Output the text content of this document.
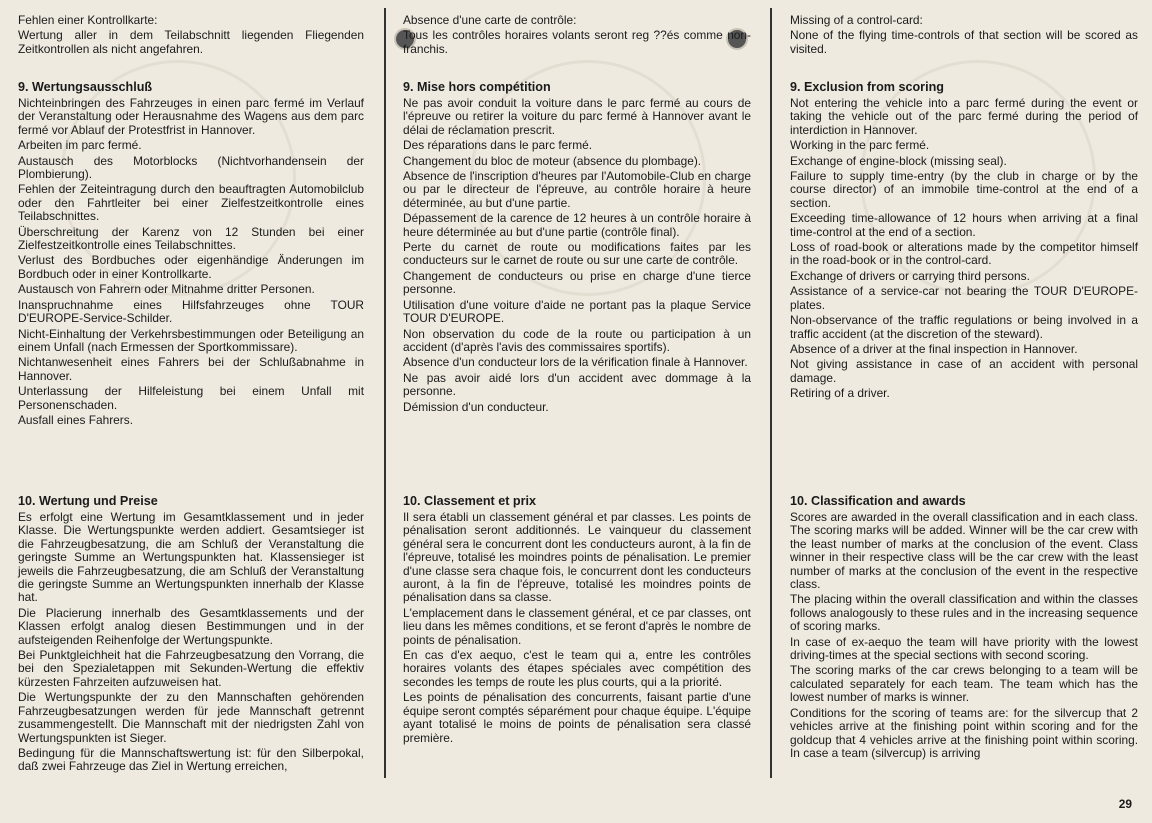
Fehlen einer Kontrollkarte:

Wertung aller in dem Teilabschnitt liegenden Fliegenden Zeitkontrollen als nicht angefahren.

9. Wertungsausschluß

Nichteinbringen des Fahrzeuges in einen parc fermé im Verlauf der Veranstaltung oder Herausnahme des Wagens aus dem parc fermé vor Ablauf der Protestfrist in Hannover.

Arbeiten im parc fermé.

Austausch des Motorblocks (Nichtvorhandensein der Plombierung).

Fehlen der Zeiteintragung durch den beauftragten Automobilclub oder den Fahrtleiter bei einer Zielfestzeitkontrolle eines Teilabschnittes.

Überschreitung der Karenz von 12 Stunden bei einer Zielfestzeitkontrolle eines Teilabschnittes.

Verlust des Bordbuches oder eigenhändige Änderungen im Bordbuch oder in einer Kontrollkarte.

Austausch von Fahrern oder Mitnahme dritter Personen.

Inanspruchnahme eines Hilfsfahrzeuges ohne TOUR D'EUROPE-Service-Schilder.

Nicht-Einhaltung der Verkehrsbestimmungen oder Beteiligung an einem Unfall (nach Ermessen der Sportkommissare).

Nichtanwesenheit eines Fahrers bei der Schlußabnahme in Hannover.

Unterlassung der Hilfeleistung bei einem Unfall mit Personenschaden.

Ausfall eines Fahrers.

10. Wertung und Preise

Es erfolgt eine Wertung im Gesamtklassement und in jeder Klasse. Die Wertungspunkte werden addiert. Gesamtsieger ist die Fahrzeugbesatzung, die am Schluß der Veranstaltung die geringste Summe an Wertungspunkten hat. Klassensieger ist jeweils die Fahrzeugbesatzung, die am Schluß der Veranstaltung die geringste Summe an Wertungspunkten innerhalb der Klasse hat.

Die Placierung innerhalb des Gesamtklassements und der Klassen erfolgt analog diesen Bestimmungen und in der aufsteigenden Reihenfolge der Wertungspunkte.

Bei Punktgleichheit hat die Fahrzeugbesatzung den Vorrang, die bei den Spezialetappen mit Sekunden-Wertung die effektiv kürzesten Fahrzeiten aufzuweisen hat.

Die Wertungspunkte der zu den Mannschaften gehörenden Fahrzeugbesatzungen werden für jede Mannschaft getrennt zusammengestellt. Die Mannschaft mit der niedrigsten Zahl von Wertungspunkten ist Sieger.

Bedingung für die Mannschaftswertung ist: für den Silberpokal, daß zwei Fahrzeuge das Ziel in Wertung erreichen,

Absence d'une carte de contrôle:

Tous les contrôles horaires volants seront reg ??és comme non-franchis.

9. Mise hors compétition

Ne pas avoir conduit la voiture dans le parc fermé au cours de l'épreuve ou retirer la voiture du parc fermé à Hannover avant le délai de réclamation prescrit.

Des réparations dans le parc fermé.

Changement du bloc de moteur (absence du plombage).

Absence de l'inscription d'heures par l'Automobile-Club en charge ou par le directeur de l'épreuve, au contrôle horaire à heure déterminée, au but d'une partie.

Dépassement de la carence de 12 heures à un contrôle horaire à heure déterminée au but d'une partie (contrôle final).

Perte du carnet de route ou modifications faites par les conducteurs sur le carnet de route ou sur une carte de contrôle.

Changement de conducteurs ou prise en charge d'une tierce personne.

Utilisation d'une voiture d'aide ne portant pas la plaque Service TOUR D'EUROPE.

Non observation du code de la route ou participation à un accident (d'après l'avis des commissaires sportifs).

Absence d'un conducteur lors de la vérification finale à Hannover.

Ne pas avoir aidé lors d'un accident avec dommage à la personne.

Démission d'un conducteur.

10. Classement et prix

Il sera établi un classement général et par classes. Les points de pénalisation seront additionnés. Le vainqueur du classement général sera le concurrent dont les conducteurs auront, à la fin de l'épreuve, totalisé les moindres points de pénalisation. Le premier d'une classe sera chaque fois, le concurrent dont les conducteurs auront, à la fin de l'épreuve, totalisé les moindres points de pénalisation dans sa classe.

L'emplacement dans le classement général, et ce par classes, ont lieu dans les mêmes conditions, et se feront d'après le nombre de points de pénalisation.

En cas d'ex aequo, c'est le team qui a, entre les contrôles horaires volants des étapes spéciales avec compétition des secondes les temps de route les plus courts, qui a la priorité.

Les points de pénalisation des concurrents, faisant partie d'une équipe seront comptés séparément pour chaque équipe. L'équipe ayant totalisé le moins de points de pénalisation sera classé première.

Missing of a control-card:

None of the flying time-controls of that section will be scored as visited.

9. Exclusion from scoring

Not entering the vehicle into a parc fermé during the event or taking the vehicle out of the parc fermé during the period of interdiction in Hannover.

Working in the parc fermé.

Exchange of engine-block (missing seal).

Failure to supply time-entry (by the club in charge or by the course director) of an immobile time-control at the end of a section.

Exceeding time-allowance of 12 hours when arriving at a final time-control at the end of a section.

Loss of road-book or alterations made by the competitor himself in the road-book or in the control-card.

Exchange of drivers or carrying third persons.

Assistance of a service-car not bearing the TOUR D'EUROPE-plates.

Non-observance of the traffic regulations or being involved in a traffic accident (at the discretion of the steward).

Absence of a driver at the final inspection in Hannover.

Not giving assistance in case of an accident with personal damage.

Retiring of a driver.

10. Classification and awards

Scores are awarded in the overall classification and in each class. The scoring marks will be added. Winner will be the car crew with the least number of marks at the conclusion of the event. Class winner in their respective class will be the car crew with the least number of marks at the conclusion of the event in the respective class.

The placing within the overall classification and within the classes follows analogously to these rules and in the increasing sequence of scoring marks.

In case of ex-aequo the team will have priority with the lowest driving-times at the special sections with second scoring.

The scoring marks of the car crews belonging to a team will be calculated separately for each team. The team which has the lowest number of marks is winner.

Conditions for the scoring of teams are: for the silvercup that 2 vehicles arrive at the finishing point within scoring and for the goldcup that 4 vehicles arrive at the finishing point within scoring. In case a team (silvercup) is arriving

29
